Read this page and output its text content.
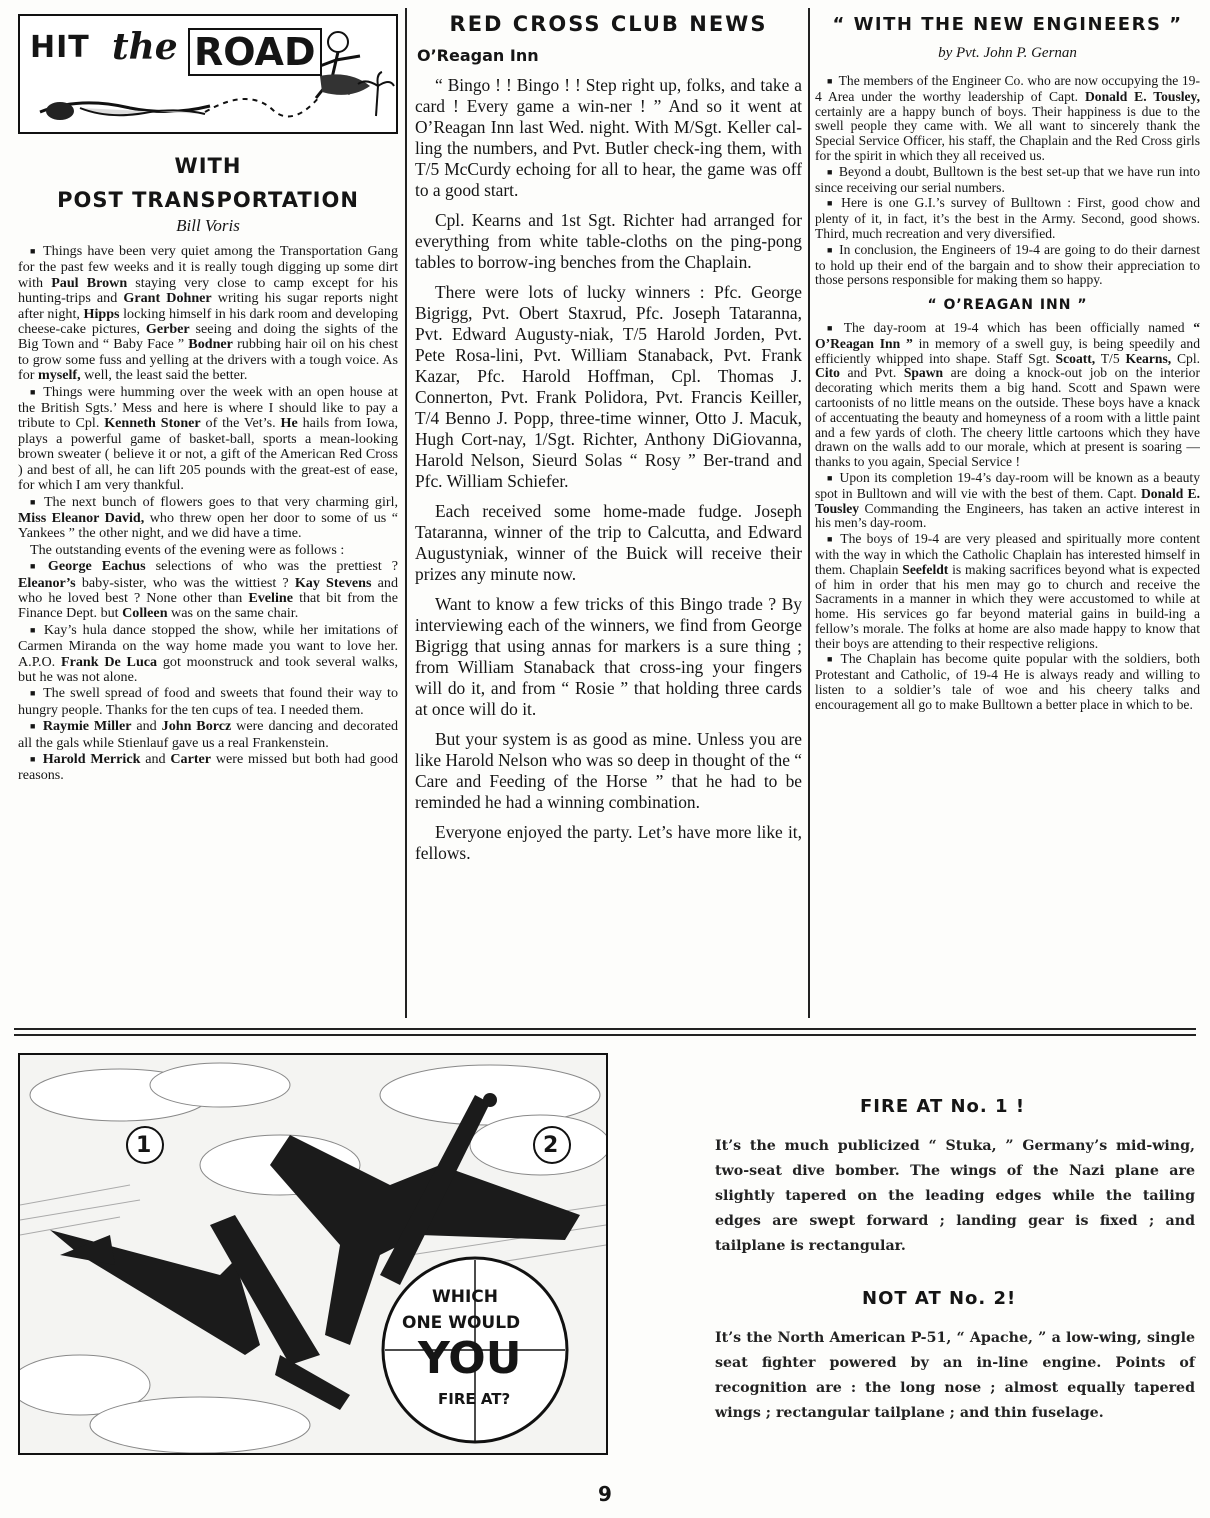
HIT the ROAD
WITH
POST TRANSPORTATION
Bill Voris

■ Things have been very quiet among the Transportation Gang for the past few weeks and it is really tough digging up some dirt with Paul Brown staying very close to camp except for his hunting-trips and Grant Dohner writing his sugar reports night after night, Hipps locking himself in his dark room and developing cheese-cake pictures, Gerber seeing and doing the sights of the Big Town and “ Baby Face ” Bodner rubbing hair oil on his chest to grow some fuss and yelling at the drivers with a tough voice. As for myself, well, the least said the better.

■ Things were humming over the week with an open house at the British Sgts.’ Mess and here is where I should like to pay a tribute to Cpl. Kenneth Stoner of the Vet’s. He hails from Iowa, plays a powerful game of basket-ball, sports a mean-looking brown sweater ( believe it or not, a gift of the American Red Cross ) and best of all, he can lift 205 pounds with the great-est of ease, for which I am very thankful.

■ The next bunch of flowers goes to that very charming girl, Miss Eleanor David, who threw open her door to some of us “ Yankees ” the other night, and we did have a time.

The outstanding events of the evening were as follows :

■ George Eachus selections of who was the prettiest ? Eleanor’s baby-sister, who was the wittiest ? Kay Stevens and who he loved best ? None other than Eveline that bit from the Finance Dept. but Colleen was on the same chair.

■ Kay’s hula dance stopped the show, while her imitations of Carmen Miranda on the way home made you want to love her. A.P.O. Frank De Luca got moonstruck and took several walks, but he was not alone.

■ The swell spread of food and sweets that found their way to hungry people. Thanks for the ten cups of tea. I needed them.

■ Raymie Miller and John Borcz were dancing and decorated all the gals while Stienlauf gave us a real Frankenstein.

■ Harold Merrick and Carter were missed but both had good reasons.

RED CROSS CLUB NEWS
O’Reagan Inn

“ Bingo ! ! Bingo ! ! Step right up, folks, and take a card ! Every game a win-ner ! ” And so it went at O’Reagan Inn last Wed. night. With M/Sgt. Keller cal-ling the numbers, and Pvt. Butler check-ing them, with T/5 McCurdy echoing for all to hear, the game was off to a good start.

Cpl. Kearns and 1st Sgt. Richter had arranged for everything from white table-cloths on the ping-pong tables to borrow-ing benches from the Chaplain.

There were lots of lucky winners : Pfc. George Bigrigg, Pvt. Obert Staxrud, Pfc. Joseph Tataranna, Pvt. Edward Augusty-niak, T/5 Harold Jorden, Pvt. Pete Rosa-lini, Pvt. William Stanaback, Pvt. Frank Kazar, Pfc. Harold Hoffman, Cpl. Thomas J. Connerton, Pvt. Frank Polidora, Pvt. Francis Keiller, T/4 Benno J. Popp, three-time winner, Otto J. Macuk, Hugh Cort-nay, 1/Sgt. Richter, Anthony DiGiovanna, Harold Nelson, Sieurd Solas “ Rosy ” Ber-trand and Pfc. William Schiefer.

Each received some home-made fudge. Joseph Tataranna, winner of the trip to Calcutta, and Edward Augustyniak, winner of the Buick will receive their prizes any minute now.

Want to know a few tricks of this Bingo trade ? By interviewing each of the winners, we find from George Bigrigg that using annas for markers is a sure thing ; from William Stanaback that cross-ing your fingers will do it, and from “ Rosie ” that holding three cards at once will do it.

But your system is as good as mine. Unless you are like Harold Nelson who was so deep in thought of the “ Care and Feeding of the Horse ” that he had to be reminded he had a winning combination.

Everyone enjoyed the party. Let’s have more like it, fellows.

“ WITH THE NEW ENGINEERS ”
by Pvt. John P. Gernan

■ The members of the Engineer Co. who are now occupying the 19-4 Area under the worthy leadership of Capt. Donald E. Tousley, certainly are a happy bunch of boys. Their happiness is due to the swell people they came with. We all want to sincerely thank the Special Service Officer, his staff, the Chaplain and the Red Cross girls for the spirit in which they all received us.

■ Beyond a doubt, Bulltown is the best set-up that we have run into since receiving our serial numbers.

■ Here is one G.I.’s survey of Bulltown : First, good chow and plenty of it, in fact, it’s the best in the Army. Second, good shows. Third, much recreation and very diversified.

■ In conclusion, the Engineers of 19-4 are going to do their darnest to hold up their end of the bargain and to show their appreciation to those persons responsible for making them so happy.

“ O’REAGAN INN ”

■ The day-room at 19-4 which has been officially named “ O’Reagan Inn ” in memory of a swell guy, is being speedily and efficiently whipped into shape. Staff Sgt. Scoatt, T/5 Kearns, Cpl. Cito and Pvt. Spawn are doing a knock-out job on the interior decorating which merits them a big hand. Scott and Spawn were cartoonists of no little means on the outside. These boys have a knack of accentuating the beauty and homeyness of a room with a little paint and a few yards of cloth. The cheery little cartoons which they have drawn on the walls add to our morale, which at present is soaring — thanks to you again, Special Service !

■ Upon its completion 19-4’s day-room will be known as a beauty spot in Bulltown and will vie with the best of them. Capt. Donald E. Tousley Commanding the Engineers, has taken an active interest in his men’s day-room.

■ The boys of 19-4 are very pleased and spiritually more content with the way in which the Catholic Chaplain has interested himself in them. Chaplain Seefeldt is making sacrifices beyond what is expected of him in order that his men may go to church and receive the Sacraments in a manner in which they were accustomed to while at home. His services go far beyond material gains in build-ing a fellow’s morale. The folks at home are also made happy to know that their boys are attending to their respective religions.

■ The Chaplain has become quite popular with the soldiers, both Protestant and Catholic, of 19-4 He is always ready and willing to listen to a soldier’s tale of woe and his cheery talks and encouragement all go to make Bulltown a better place in which to be.

1	2
WHICH
ONE WOULD
YOU
FIRE AT?
FIRE AT No. 1 !
It’s the much publicized “ Stuka, ” Germany’s mid-wing, two-seat dive bomber. The wings of the Nazi plane are slightly tapered on the leading edges while the tailing edges are swept forward ; landing gear is fixed ; and tailplane is rectangular.
NOT AT No. 2!
It’s the North American P-51, “ Apache, ” a low-wing, single seat fighter powered by an in-line engine. Points of recognition are : the long nose ; almost equally tapered wings ; rectangular tailplane ; and thin fuselage.
9
